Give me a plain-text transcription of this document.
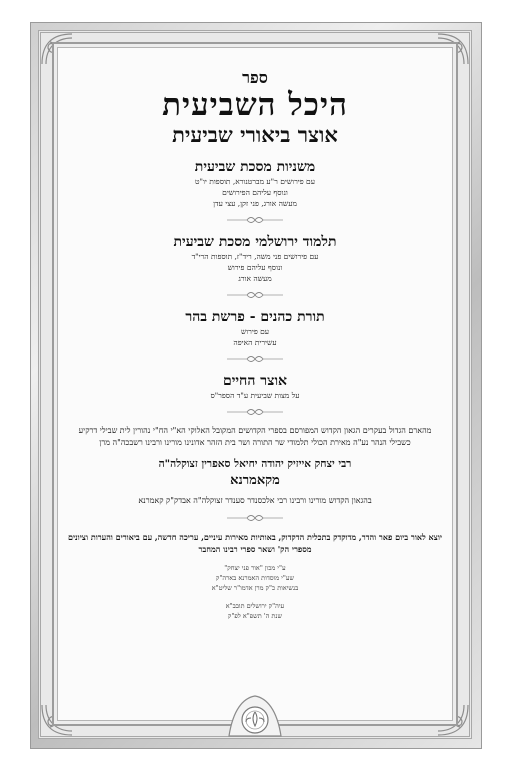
ספר

היכל השביעית

אוצר ביאורי שביעית

משניות מסכת שביעית

עם פירושים ר"ע מברטנורא, תוספות יו"ט

ונוסף עליהם הפירושים

מעשה אורג, פני זקן, עצי עדן

תלמוד ירושלמי מסכת שביעית

עם פירושים פני משה, ריד"ז, תוספות הרי"ד

ונוסף עליהם פירוש

מעשה אורג

תורת כהנים - פרשת בהר

עם פירוש

עשירית האיפה

אוצר החיים

על מצות שביעית ע"ד הספר"ס

מהארם הגדול בעקרים הגאון הקדוש המפורסם בספרי הקדושים המקובל האלוקי הא"י הח"י נהורין לית שבילי דרקיע כשבילי הנהר נע"ה מאירת הכולי תלמודי שר התורה ושר בית הזהר אדונינו מורינו ורבינו רשבכה"ה מרן

רבי יצחק אייזיק יהודה יחיאל סאפרין זצוקלה"ה

מקאמרנא

בהגאון הקדוש מורינו ורבינו רבי אלכסנדר סענדר זצוקלה"ה אבדק"ק קאמרנא

יוצא לאור ביום פאר והדר, מדוקדק בתכלית הדקדוק, באותיות מאירות עיניים, עריכה חדשה, עם ביאורים והערות וציונים מספרי הק' ושאר ספרי רבינו המחבר

ע"י מכון "אור פני יצחק"

שע"י מוסדות האמרנא בארה"ק

בנשיאות כ"ק מרן אדמו"ר שליט"א

עיה"ק ירושלים תובב"א

שנת ה' תשפ"א לפ"ק
